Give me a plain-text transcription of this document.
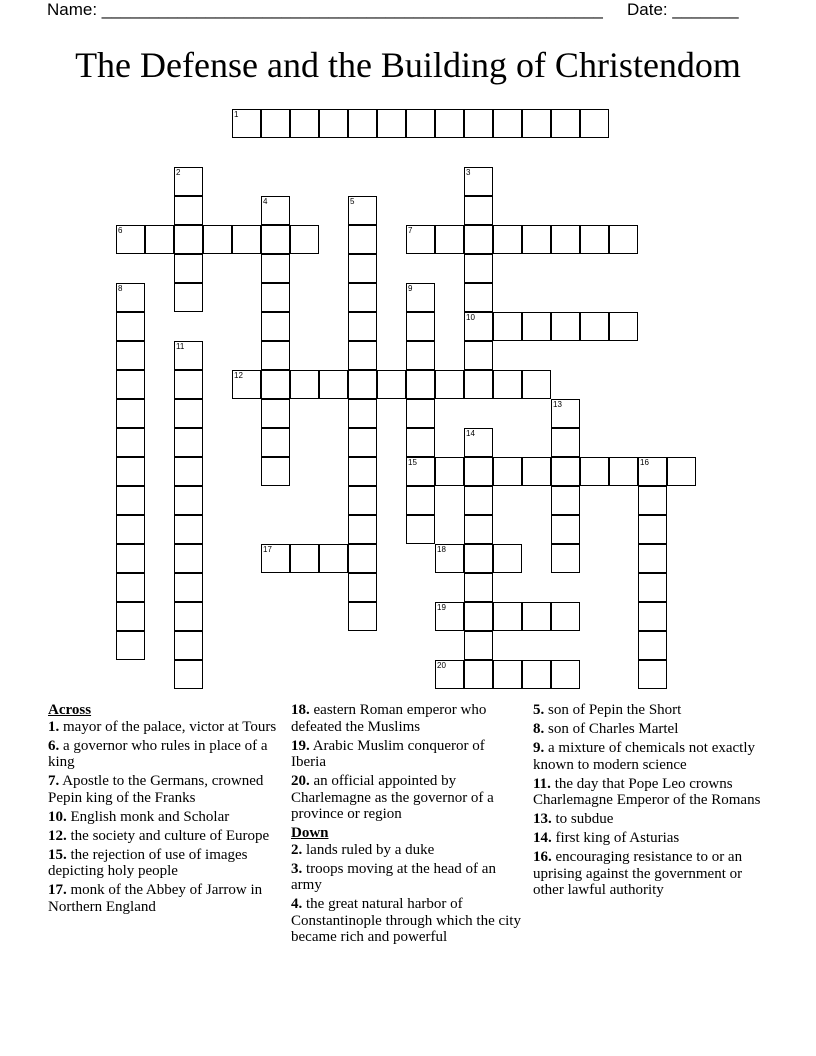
Name: _____________________________________________________ Date: _______
The Defense and the Building of Christendom
1
2	3
4	5
6	7
8	9
10
11
12
13
14
15	16
17	18
19
20
Across
1. mayor of the palace, victor at Tours
6. a governor who rules in place of a king
7. Apostle to the Germans, crowned Pepin king of the Franks
10. English monk and Scholar
12. the society and culture of Europe
15. the rejection of use of images depicting holy people
17. monk of the Abbey of Jarrow in Northern England
18. eastern Roman emperor who defeated the Muslims
19. Arabic Muslim conqueror of Iberia
20. an official appointed by Charlemagne as the governor of a province or region
Down
2. lands ruled by a duke
3. troops moving at the head of an army
4. the great natural harbor of Constantinople through which the city became rich and powerful
5. son of Pepin the Short
8. son of Charles Martel
9. a mixture of chemicals not exactly known to modern science
11. the day that Pope Leo crowns Charlemagne Emperor of the Romans
13. to subdue
14. first king of Asturias
16. encouraging resistance to or an uprising against the government or other lawful authority
